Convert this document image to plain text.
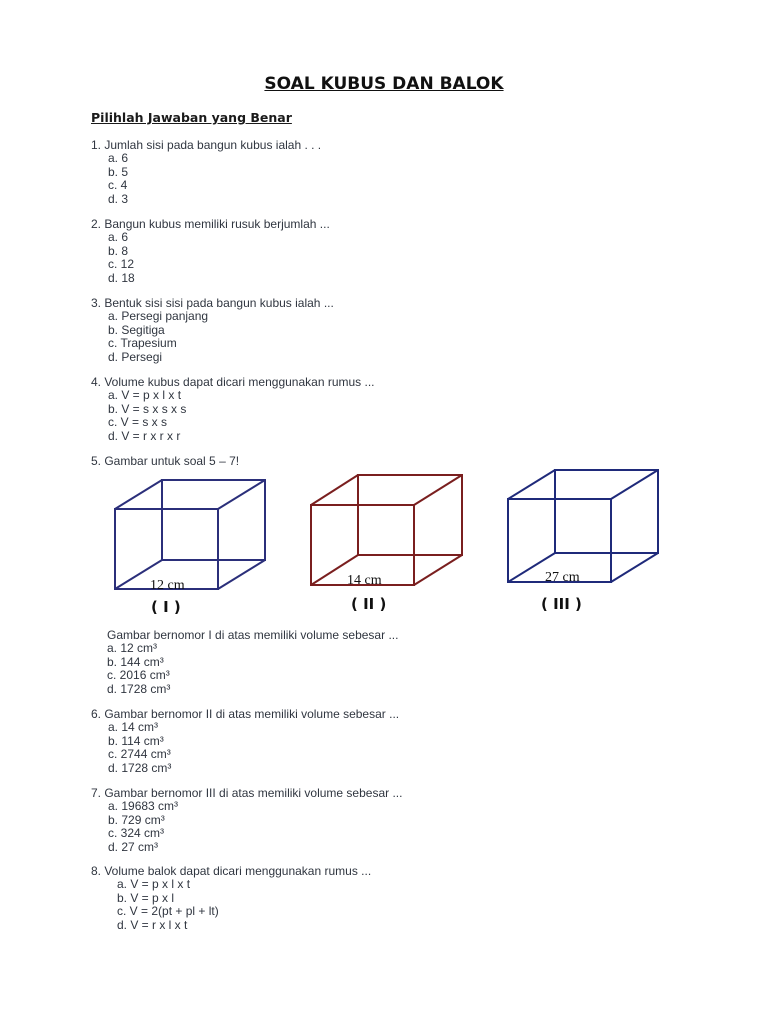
SOAL KUBUS DAN BALOK
Pilihlah Jawaban yang Benar
1. Jumlah sisi pada bangun kubus ialah . . .
a. 6
b. 5
c. 4
d. 3
2. Bangun kubus memiliki rusuk berjumlah ...
a. 6
b. 8
c. 12
d. 18
3. Bentuk sisi sisi pada bangun kubus ialah ...
a. Persegi panjang
b. Segitiga
c. Trapesium
d. Persegi
4. Volume kubus dapat dicari menggunakan rumus ...
a. V = p x l x t
b. V = s x s x s
c. V = s x s
d. V = r x r x r
5. Gambar untuk soal 5 – 7!
12 cm	14 cm	27 cm
( I )	( II )	( III )
Gambar bernomor I di atas memiliki volume sebesar ...
a. 12 cm³
b. 144 cm³
c. 2016 cm³
d. 1728 cm³
6. Gambar bernomor II di atas memiliki volume sebesar ...
a. 14 cm³
b. 114 cm³
c. 2744 cm³
d. 1728 cm³
7. Gambar bernomor III di atas memiliki volume sebesar ...
a. 19683 cm³
b. 729 cm³
c. 324 cm³
d. 27 cm³
8. Volume balok dapat dicari menggunakan rumus ...
a. V = p x l x t
b. V = p x l
c. V = 2(pt + pl + lt)
d. V = r x l x t
